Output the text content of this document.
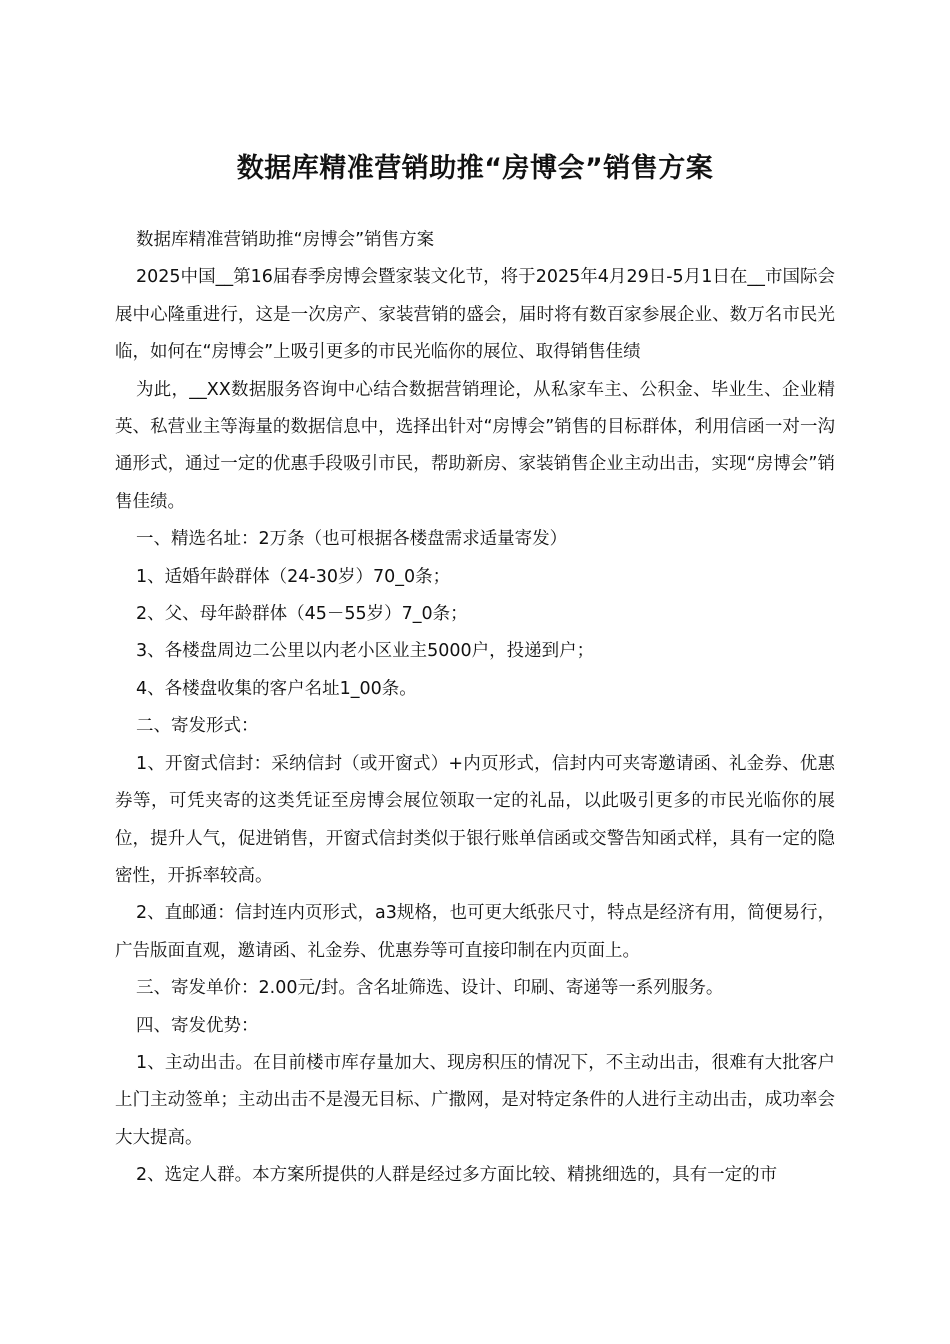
数据库精准营销助推“房博会”销售方案

数据库精准营销助推“房博会”销售方案

2025中国__第16届春季房博会暨家装文化节，将于2025年4月29日-5月1日在__市国际会展中心隆重进行，这是一次房产、家装营销的盛会，届时将有数百家参展企业、数万名市民光临，如何在“房博会”上吸引更多的市民光临你的展位、取得销售佳绩

为此，__XX数据服务咨询中心结合数据营销理论，从私家车主、公积金、毕业生、企业精英、私营业主等海量的数据信息中，选择出针对“房博会”销售的目标群体，利用信函一对一沟通形式，通过一定的优惠手段吸引市民，帮助新房、家装销售企业主动出击，实现“房博会”销售佳绩。

一、精选名址：2万条（也可根据各楼盘需求适量寄发）

1、适婚年龄群体（24-30岁）70_0条；

2、父、母年龄群体（45－55岁）7_0条；

3、各楼盘周边二公里以内老小区业主5000户，投递到户；

4、各楼盘收集的客户名址1_00条。

二、寄发形式：

1、开窗式信封：采纳信封（或开窗式）+内页形式，信封内可夹寄邀请函、礼金券、优惠券等，可凭夹寄的这类凭证至房博会展位领取一定的礼品，以此吸引更多的市民光临你的展位，提升人气，促进销售，开窗式信封类似于银行账单信函或交警告知函式样，具有一定的隐密性，开拆率较高。

2、直邮通：信封连内页形式，a3规格，也可更大纸张尺寸，特点是经济有用，简便易行，广告版面直观，邀请函、礼金券、优惠券等可直接印制在内页面上。

三、寄发单价：2.00元/封。含名址筛选、设计、印刷、寄递等一系列服务。

四、寄发优势：

1、主动出击。在目前楼市库存量加大、现房积压的情况下，不主动出击，很难有大批客户上门主动签单；主动出击不是漫无目标、广撒网，是对特定条件的人进行主动出击，成功率会大大提高。

2、选定人群。本方案所提供的人群是经过多方面比较、精挑细选的，具有一定的市
